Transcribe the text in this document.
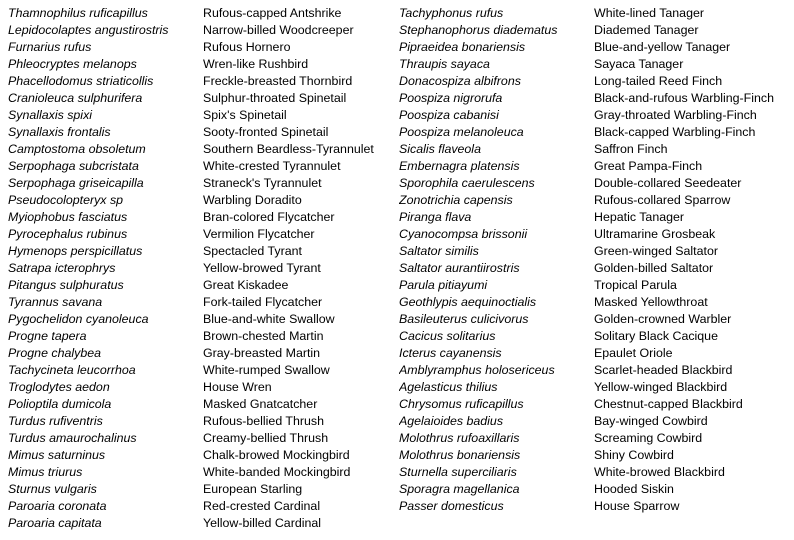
Thamnophilus ruficapillus	Rufous-capped Antshrike	Tachyphonus rufus	White-lined Tanager
Lepidocolaptes angustirostris	Narrow-billed Woodcreeper	Stephanophorus diadematus	Diademed Tanager
Furnarius rufus	Rufous Hornero	Pipraeidea bonariensis	Blue-and-yellow Tanager
Phleocryptes melanops	Wren-like Rushbird	Thraupis sayaca	Sayaca Tanager
Phacellodomus striaticollis	Freckle-breasted Thornbird	Donacospiza albifrons	Long-tailed Reed Finch
Cranioleuca sulphurifera	Sulphur-throated Spinetail	Poospiza nigrorufa	Black-and-rufous Warbling-Finch
Synallaxis spixi	Spix's Spinetail	Poospiza cabanisi	Gray-throated Warbling-Finch
Synallaxis frontalis	Sooty-fronted Spinetail	Poospiza melanoleuca	Black-capped Warbling-Finch
Camptostoma obsoletum	Southern Beardless-Tyrannulet	Sicalis flaveola	Saffron Finch
Serpophaga subcristata	White-crested Tyrannulet	Embernagra platensis	Great Pampa-Finch
Serpophaga griseicapilla	Straneck's Tyrannulet	Sporophila caerulescens	Double-collared Seedeater
Pseudocolopteryx sp	Warbling Doradito	Zonotrichia capensis	Rufous-collared Sparrow
Myiophobus fasciatus	Bran-colored Flycatcher	Piranga flava	Hepatic Tanager
Pyrocephalus rubinus	Vermilion Flycatcher	Cyanocompsa brissonii	Ultramarine Grosbeak
Hymenops perspicillatus	Spectacled Tyrant	Saltator similis	Green-winged Saltator
Satrapa icterophrys	Yellow-browed Tyrant	Saltator aurantiirostris	Golden-billed Saltator
Pitangus sulphuratus	Great Kiskadee	Parula pitiayumi	Tropical Parula
Tyrannus savana	Fork-tailed Flycatcher	Geothlypis aequinoctialis	Masked Yellowthroat
Pygochelidon cyanoleuca	Blue-and-white Swallow	Basileuterus culicivorus	Golden-crowned Warbler
Progne tapera	Brown-chested Martin	Cacicus solitarius	Solitary Black Cacique
Progne chalybea	Gray-breasted Martin	Icterus cayanensis	Epaulet Oriole
Tachycineta leucorrhoa	White-rumped Swallow	Amblyramphus holosericeus	Scarlet-headed Blackbird
Troglodytes aedon	House Wren	Agelasticus thilius	Yellow-winged Blackbird
Polioptila dumicola	Masked Gnatcatcher	Chrysomus ruficapillus	Chestnut-capped Blackbird
Turdus rufiventris	Rufous-bellied Thrush	Agelaioides badius	Bay-winged Cowbird
Turdus amaurochalinus	Creamy-bellied Thrush	Molothrus rufoaxillaris	Screaming Cowbird
Mimus saturninus	Chalk-browed Mockingbird	Molothrus bonariensis	Shiny Cowbird
Mimus triurus	White-banded Mockingbird	Sturnella superciliaris	White-browed Blackbird
Sturnus vulgaris	European Starling	Sporagra magellanica	Hooded Siskin
Paroaria coronata	Red-crested Cardinal	Passer domesticus	House Sparrow
Paroaria capitata	Yellow-billed Cardinal		
